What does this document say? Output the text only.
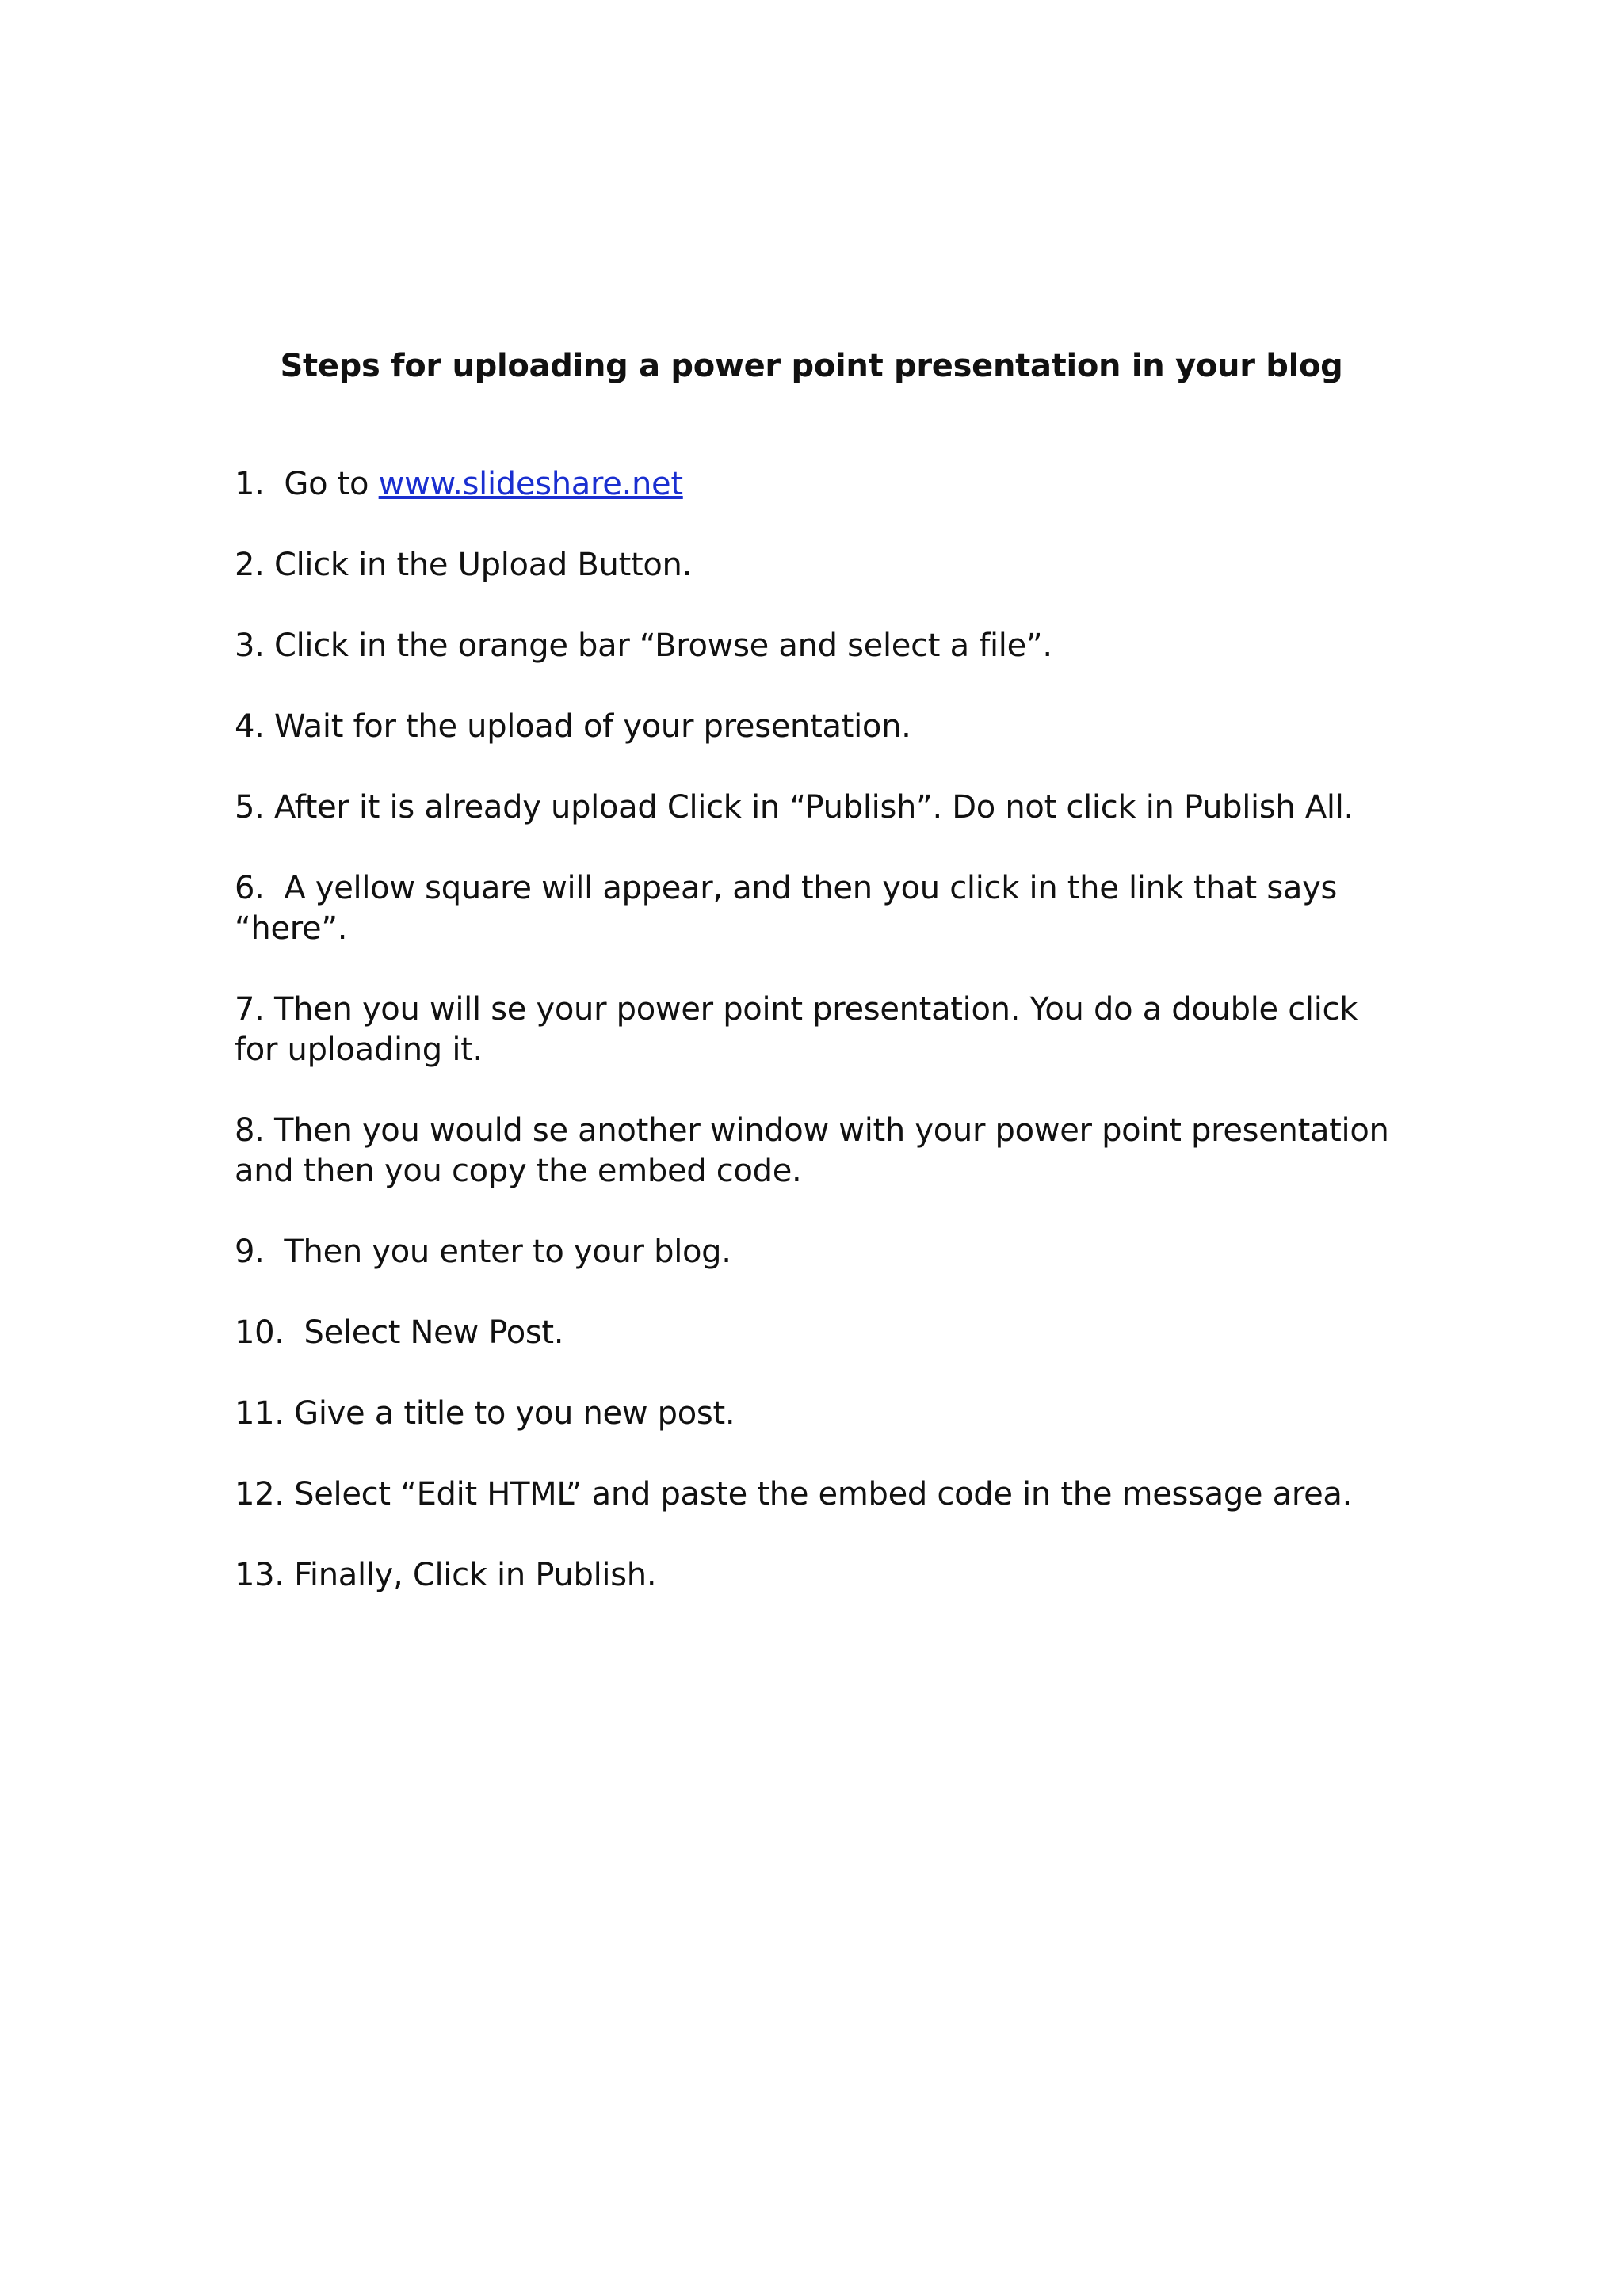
Steps for uploading a power point presentation in your blog
1.  Go to www.slideshare.net
2. Click in the Upload Button.
3. Click in the orange bar “Browse and select a file”.
4. Wait for the upload of your presentation.
5. After it is already upload Click in “Publish”. Do not click in Publish All.
6.  A yellow square will appear, and then you click in the link that says “here”.
7. Then you will se your power point presentation. You do a double click for uploading it.
8. Then you would se another window with your power point presentation and then you copy the embed code.
9.  Then you enter to your blog.
10.  Select New Post.
11. Give a title to you new post.
12. Select “Edit HTML” and paste the embed code in the message area.
13. Finally, Click in Publish.
